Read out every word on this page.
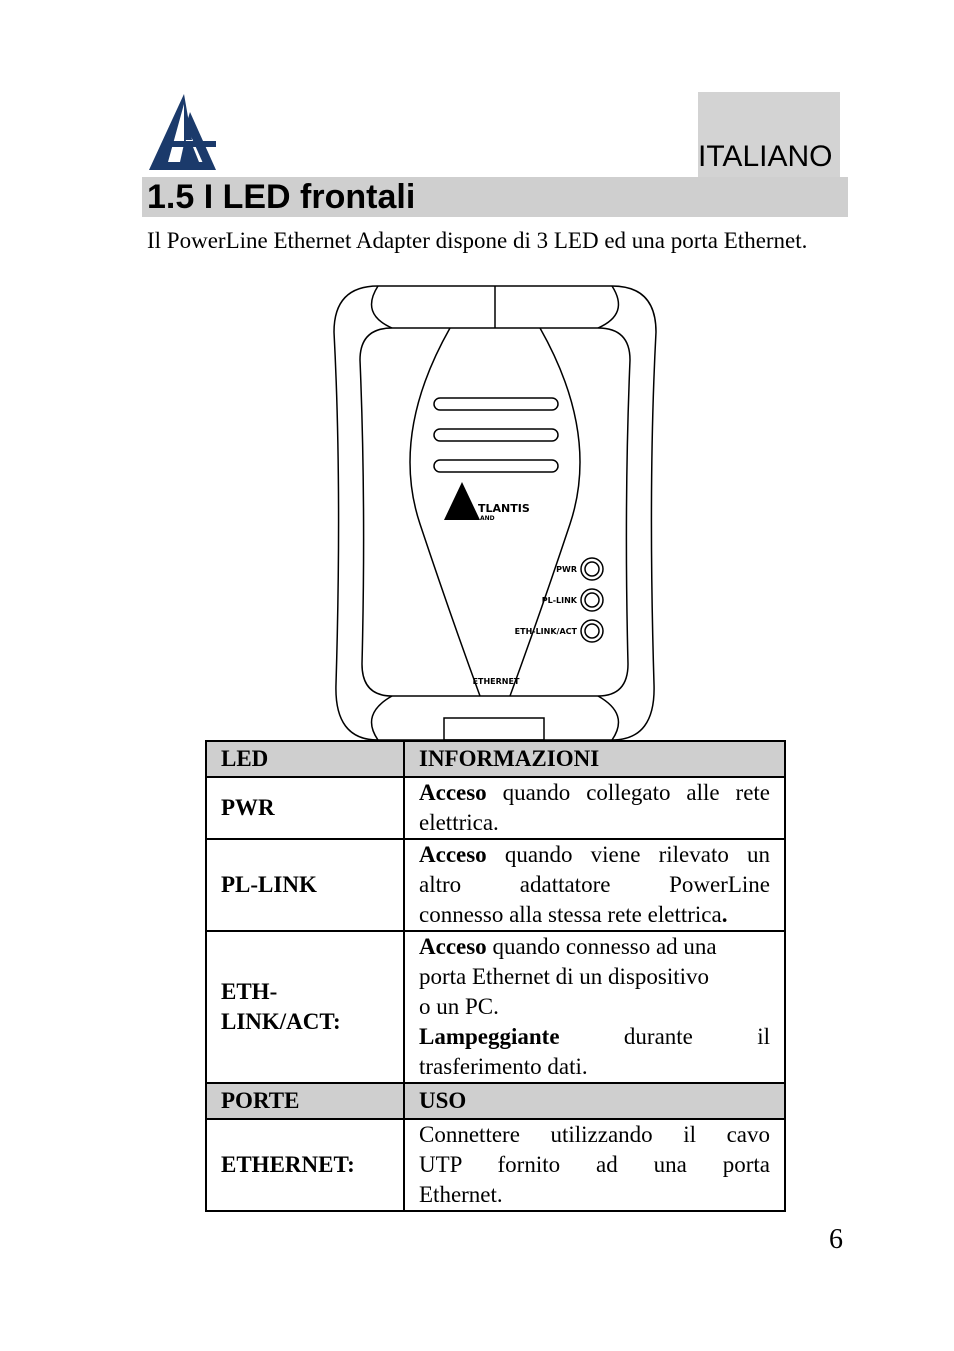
ITALIANO
1.5 I LED frontali

Il PowerLine Ethernet Adapter dispone di 3 LED ed una porta Ethernet.

TLANTIS
AND
PWR
PL-LINK
ETH-LINK/ACT
ETHERNET
LED	INFORMAZIONI
PWR	Acceso quando collegato alle rete elettrica.
PL-LINK	Acceso quando viene rilevato un
altro adattatore PowerLine
connesso alla stessa rete elettrica.
ETH-
LINK/ACT:	Acceso quando connesso ad una
porta Ethernet di un dispositivo
o un PC.
Lampeggiante durante il
trasferimento dati.

PORTE	USO
ETHERNET:	Connettere utilizzando il cavo
UTP fornito ad una porta
Ethernet.
6
